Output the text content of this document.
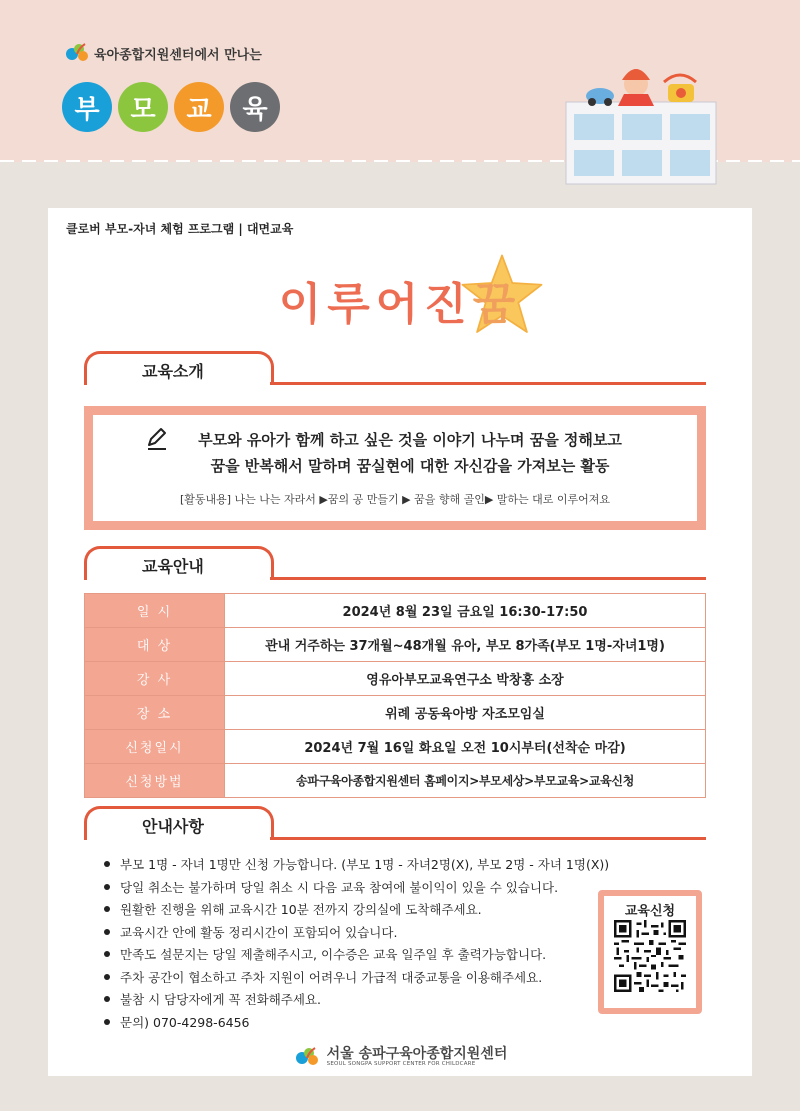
육아종합지원센터에서 만나는
부	모	교	육
클로버 부모-자녀 체험 프로그램 | 대면교육
이루어진
꿈
교육소개
부모와 유아가 함께 하고 싶은 것을 이야기 나누며 꿈을 정해보고
꿈을 반복해서 말하며 꿈실현에 대한 자신감을 가져보는 활동
[활동내용] 나는 나는 자라서 ▶꿈의 공 만들기 ▶ 꿈을 향해 골인▶ 말하는 대로 이루어져요
교육안내
일 시	2024년 8월 23일 금요일 16:30-17:50
대 상	관내 거주하는 37개월~48개월 유아, 부모 8가족(부모 1명-자녀1명)
강 사	영유아부모교육연구소 박창홍 소장
장 소	위례 공동육아방 자조모임실
신청일시	2024년 7월 16일 화요일 오전 10시부터(선착순 마감)
신청방법	송파구육아종합지원센터 홈페이지>부모세상>부모교육>교육신청
안내사항
부모 1명 - 자녀 1명만 신청 가능합니다. (부모 1명 - 자녀2명(X), 부모 2명 - 자녀 1명(X))
당일 취소는 불가하며 당일 취소 시 다음 교육 참여에 불이익이 있을 수 있습니다.
원활한 진행을 위해 교육시간 10분 전까지 강의실에 도착해주세요.
교육시간 안에 활동 정리시간이 포함되어 있습니다.
만족도 설문지는 당일 제출해주시고, 이수증은 교육 일주일 후 출력가능합니다.
주차 공간이 협소하고 주차 지원이 어려우니 가급적 대중교통을 이용해주세요.
불참 시 담당자에게 꼭 전화해주세요.
문의) 070-4298-6456
교육신청
서울 송파구육아종합지원센터
SEOUL SONGPA SUPPORT CENTER FOR CHILDCARE
